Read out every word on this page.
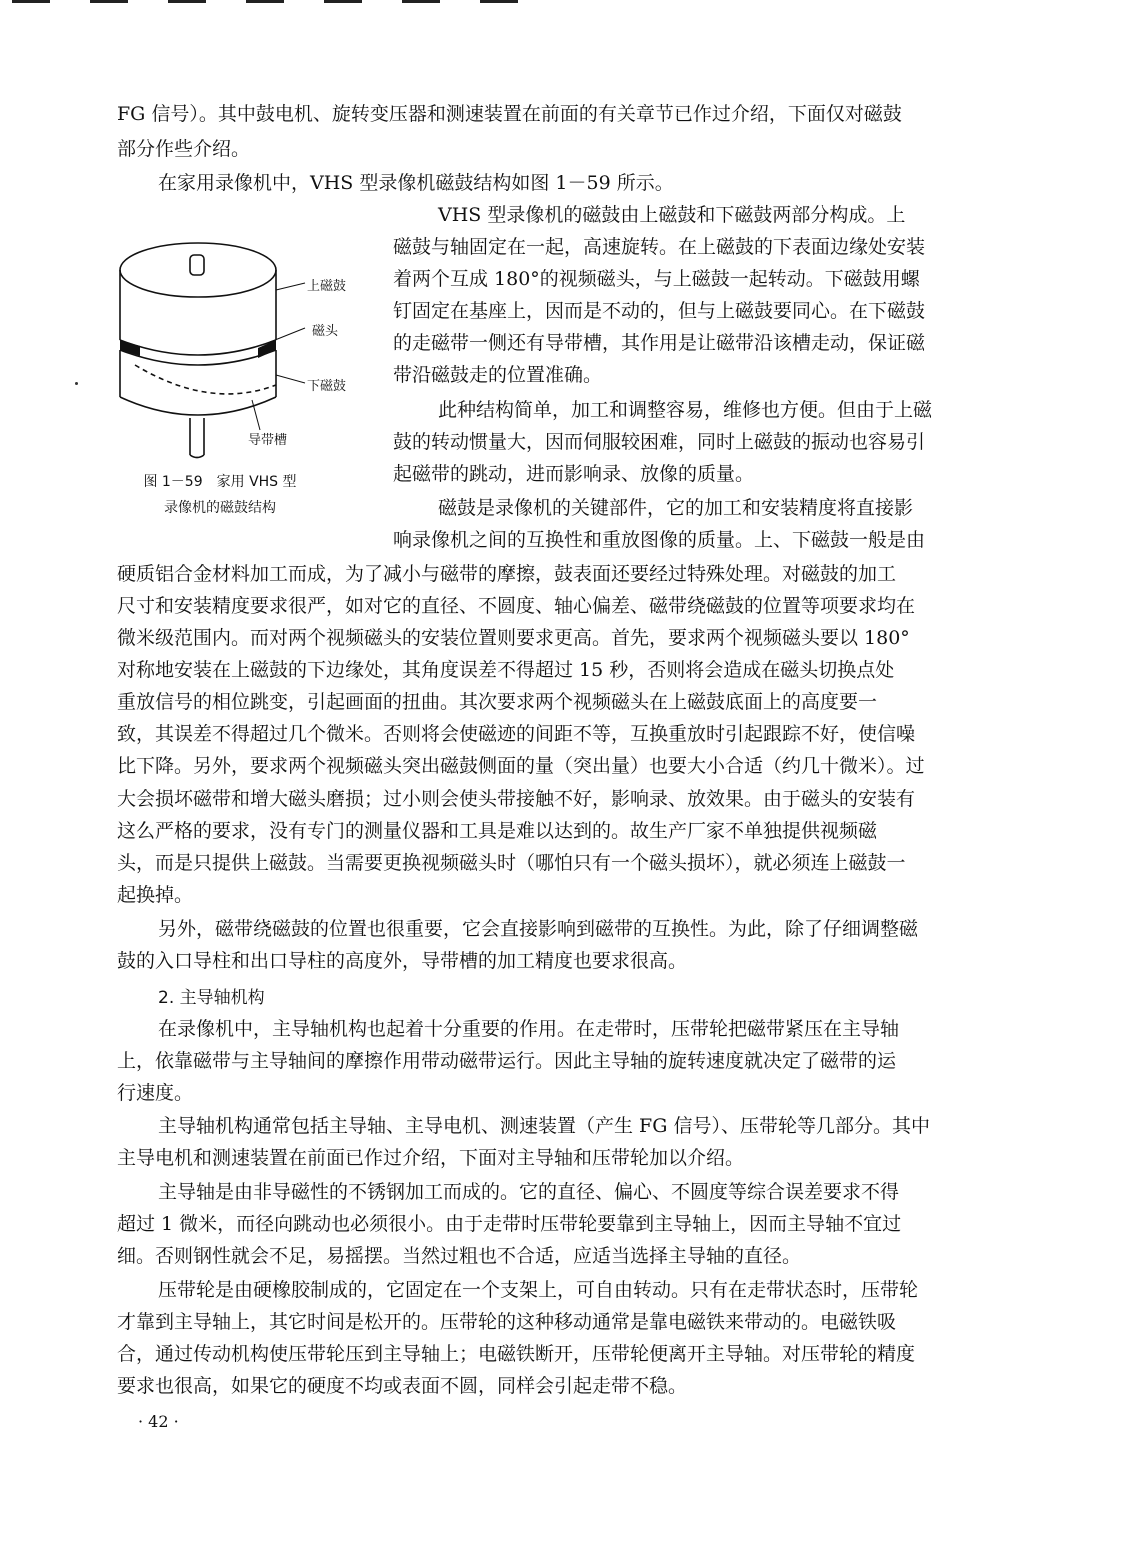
FG 信号）。其中鼓电机、旋转变压器和测速装置在前面的有关章节已作过介绍，下面仅对磁鼓
部分作些介绍。
在家用录像机中，VHS 型录像机磁鼓结构如图 1－59 所示。
VHS 型录像机的磁鼓由上磁鼓和下磁鼓两部分构成。上
磁鼓与轴固定在一起，高速旋转。在上磁鼓的下表面边缘处安装
着两个互成 180°的视频磁头，与上磁鼓一起转动。下磁鼓用螺
钉固定在基座上，因而是不动的，但与上磁鼓要同心。在下磁鼓
的走磁带一侧还有导带槽，其作用是让磁带沿该槽走动，保证磁
带沿磁鼓走的位置准确。
此种结构简单，加工和调整容易，维修也方便。但由于上磁
鼓的转动惯量大，因而伺服较困难，同时上磁鼓的振动也容易引
起磁带的跳动，进而影响录、放像的质量。
磁鼓是录像机的关键部件，它的加工和安装精度将直接影
响录像机之间的互换性和重放图像的质量。上、下磁鼓一般是由
硬质铝合金材料加工而成，为了减小与磁带的摩擦，鼓表面还要经过特殊处理。对磁鼓的加工
尺寸和安装精度要求很严，如对它的直径、不圆度、轴心偏差、磁带绕磁鼓的位置等项要求均在
微米级范围内。而对两个视频磁头的安装位置则要求更高。首先，要求两个视频磁头要以 180°
对称地安装在上磁鼓的下边缘处，其角度误差不得超过 15 秒，否则将会造成在磁头切换点处
重放信号的相位跳变，引起画面的扭曲。其次要求两个视频磁头在上磁鼓底面上的高度要一
致，其误差不得超过几个微米。否则将会使磁迹的间距不等，互换重放时引起跟踪不好，使信噪
比下降。另外，要求两个视频磁头突出磁鼓侧面的量（突出量）也要大小合适（约几十微米）。过
大会损坏磁带和增大磁头磨损；过小则会使头带接触不好，影响录、放效果。由于磁头的安装有
这么严格的要求，没有专门的测量仪器和工具是难以达到的。故生产厂家不单独提供视频磁
头，而是只提供上磁鼓。当需要更换视频磁头时（哪怕只有一个磁头损坏），就必须连上磁鼓一
起换掉。
另外，磁带绕磁鼓的位置也很重要，它会直接影响到磁带的互换性。为此，除了仔细调整磁
鼓的入口导柱和出口导柱的高度外，导带槽的加工精度也要求很高。
2. 主导轴机构
在录像机中，主导轴机构也起着十分重要的作用。在走带时，压带轮把磁带紧压在主导轴
上，依靠磁带与主导轴间的摩擦作用带动磁带运行。因此主导轴的旋转速度就决定了磁带的运
行速度。
主导轴机构通常包括主导轴、主导电机、测速装置（产生 FG 信号）、压带轮等几部分。其中
主导电机和测速装置在前面已作过介绍，下面对主导轴和压带轮加以介绍。
主导轴是由非导磁性的不锈钢加工而成的。它的直径、偏心、不圆度等综合误差要求不得
超过 1 微米，而径向跳动也必须很小。由于走带时压带轮要靠到主导轴上，因而主导轴不宜过
细。否则钢性就会不足，易摇摆。当然过粗也不合适，应适当选择主导轴的直径。
压带轮是由硬橡胶制成的，它固定在一个支架上，可自由转动。只有在走带状态时，压带轮
才靠到主导轴上，其它时间是松开的。压带轮的这种移动通常是靠电磁铁来带动的。电磁铁吸
合，通过传动机构使压带轮压到主导轴上；电磁铁断开，压带轮便离开主导轴。对压带轮的精度
要求也很高，如果它的硬度不均或表面不圆，同样会引起走带不稳。
上磁鼓
磁头
下磁鼓
导带槽
图 1－59　家用 VHS 型
录像机的磁鼓结构
· 42 ·
